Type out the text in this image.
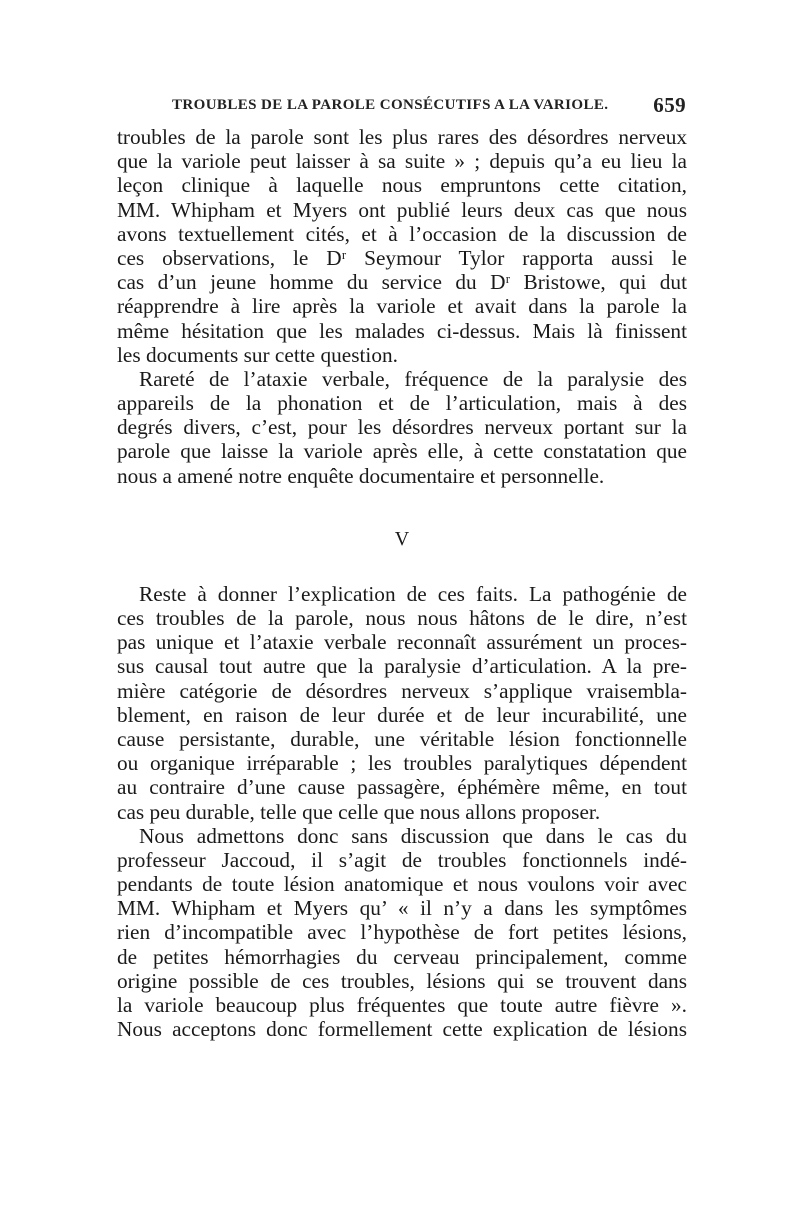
TROUBLES DE LA PAROLE CONSÉCUTIFS A LA VARIOLE. 659
troubles de la parole sont les plus rares des désordres nerveux
que la variole peut laisser à sa suite » ; depuis qu’a eu lieu la
leçon clinique à laquelle nous empruntons cette citation,
MM. Whipham et Myers ont publié leurs deux cas que nous
avons textuellement cités, et à l’occasion de la discussion de
ces observations, le Dʳ Seymour Tylor rapporta aussi le
cas d’un jeune homme du service du Dʳ Bristowe, qui dut
réapprendre à lire après la variole et avait dans la parole la
même hésitation que les malades ci-dessus. Mais là finissent
les documents sur cette question.
Rareté de l’ataxie verbale, fréquence de la paralysie des
appareils de la phonation et de l’articulation, mais à des
degrés divers, c’est, pour les désordres nerveux portant sur la
parole que laisse la variole après elle, à cette constatation que
nous a amené notre enquête documentaire et personnelle.
V
Reste à donner l’explication de ces faits. La pathogénie de
ces troubles de la parole, nous nous hâtons de le dire, n’est
pas unique et l’ataxie verbale reconnaît assurément un proces-
sus causal tout autre que la paralysie d’articulation. A la pre-
mière catégorie de désordres nerveux s’applique vraisembla-
blement, en raison de leur durée et de leur incurabilité, une
cause persistante, durable, une véritable lésion fonctionnelle
ou organique irréparable ; les troubles paralytiques dépendent
au contraire d’une cause passagère, éphémère même, en tout
cas peu durable, telle que celle que nous allons proposer.
Nous admettons donc sans discussion que dans le cas du
professeur Jaccoud, il s’agit de troubles fonctionnels indé-
pendants de toute lésion anatomique et nous voulons voir avec
MM. Whipham et Myers qu’ « il n’y a dans les symptômes
rien d’incompatible avec l’hypothèse de fort petites lésions,
de petites hémorrhagies du cerveau principalement, comme
origine possible de ces troubles, lésions qui se trouvent dans
la variole beaucoup plus fréquentes que toute autre fièvre ».
Nous acceptons donc formellement cette explication de lésions
